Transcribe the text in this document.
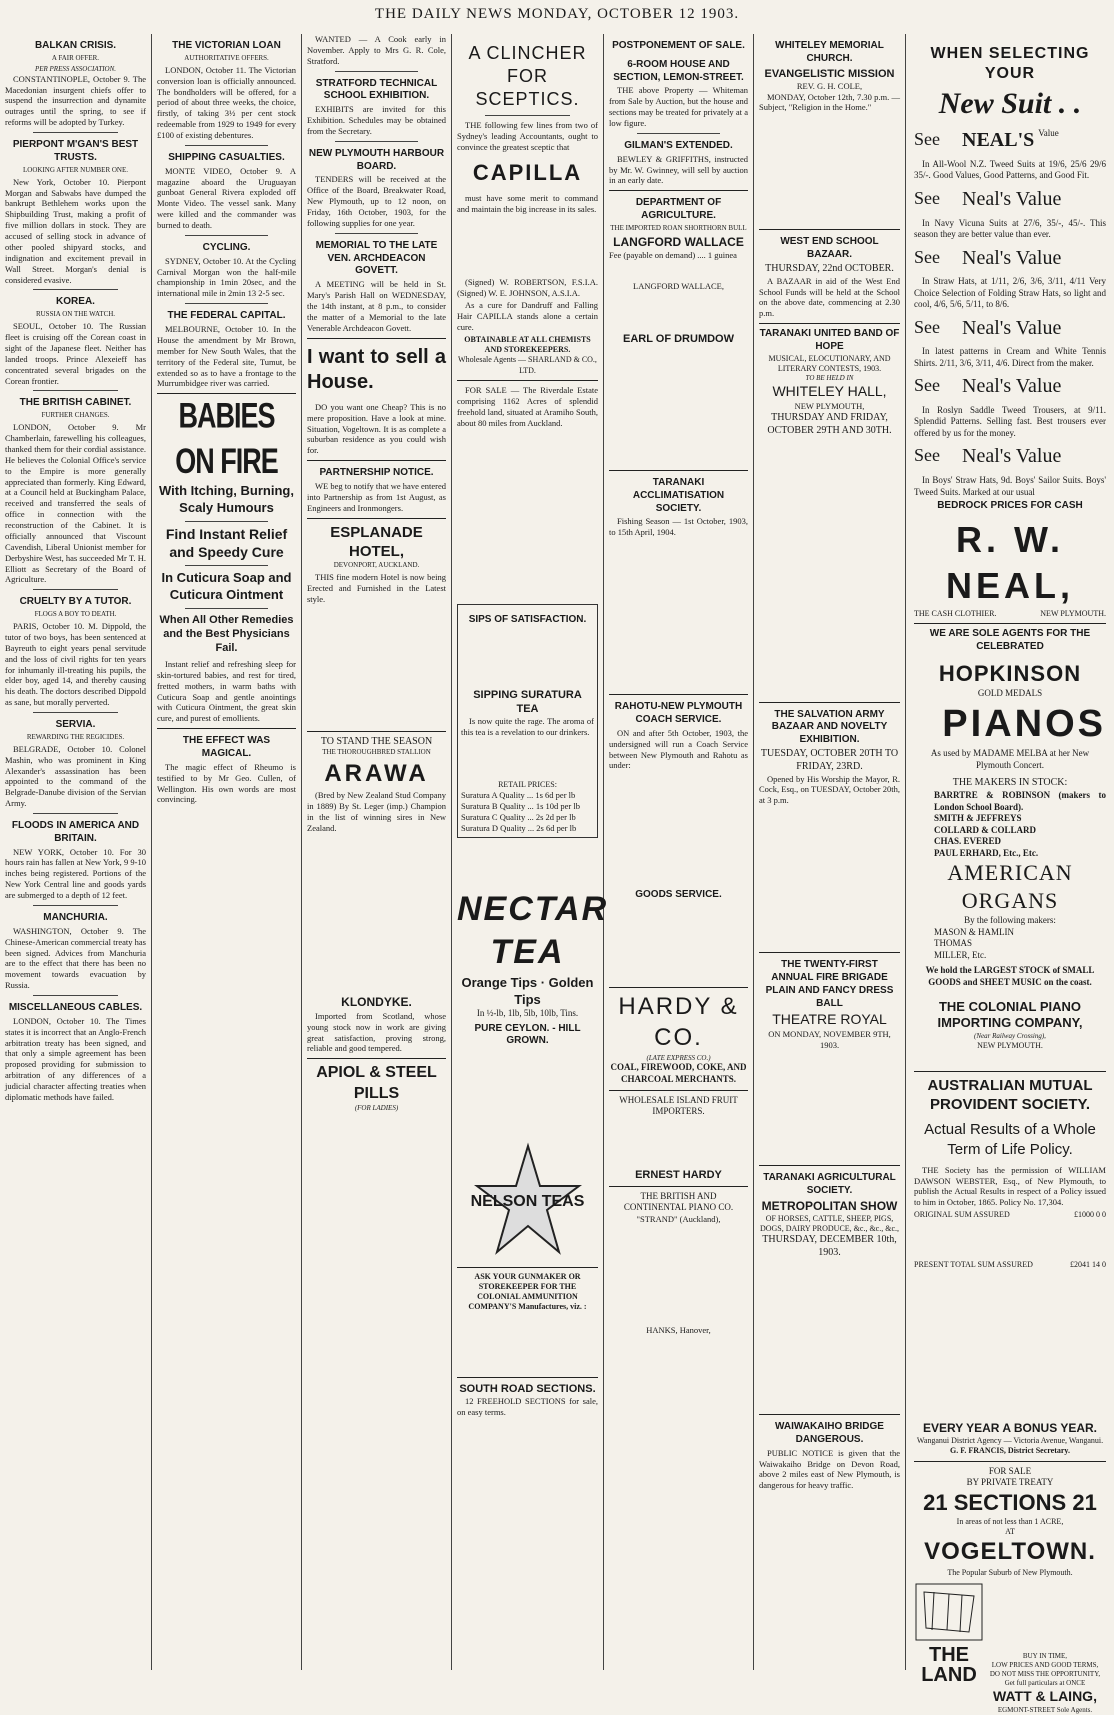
THE DAILY NEWS MONDAY, OCTOBER 12 1903.
BALKAN CRISIS.
A FAIR OFFER.
PER PRESS ASSOCIATION.

CONSTANTINOPLE, October 9. The Macedonian insurgent chiefs offer to suspend the insurrection and dynamite outrages until the spring, to see if reforms will be adopted by Turkey.

PIERPONT M'GAN'S BEST TRUSTS.
LOOKING AFTER NUMBER ONE.

New York, October 10. Pierpont Morgan and Sabwabs have dumped the bankrupt Bethlehem works upon the Shipbuilding Trust, making a profit of five million dollars in stock. They are accused of selling stock in advance of other pooled shipyard stocks, and indignation and excitement prevail in Wall Street. Morgan's denial is considered evasive.

KOREA.
RUSSIA ON THE WATCH.

SEOUL, October 10. The Russian fleet is cruising off the Corean coast in sight of the Japanese fleet. Neither has landed troops. Prince Alexeieff has concentrated several brigades on the Corean frontier.

THE BRITISH CABINET.
FURTHER CHANGES.

LONDON, October 9. Mr Chamberlain, farewelling his colleagues, thanked them for their cordial assistance. He believes the Colonial Office's service to the Empire is more generally appreciated than formerly. King Edward, at a Council held at Buckingham Palace, received and transferred the seals of office in connection with the reconstruction of the Cabinet. It is officially announced that Viscount Cavendish, Liberal Unionist member for Derbyshire West, has succeeded Mr T. H. Elliott as Secretary of the Board of Agriculture.

CRUELTY BY A TUTOR.
FLOGS A BOY TO DEATH.

PARIS, October 10. M. Dippold, the tutor of two boys, has been sentenced at Bayreuth to eight years penal servitude and the loss of civil rights for ten years for inhumanly ill-treating his pupils, the elder boy, aged 14, and thereby causing his death. The doctors described Dippold as sane, but morally perverted.

SERVIA.
REWARDING THE REGICIDES.

BELGRADE, October 10. Colonel Mashin, who was prominent in King Alexander's assassination has been appointed to the command of the Belgrade-Danube division of the Servian Army.

FLOODS IN AMERICA AND BRITAIN.

NEW YORK, October 10. For 30 hours rain has fallen at New York, 9 9-10 inches being registered. Portions of the New York Central line and goods yards are submerged to a depth of 12 feet.

MANCHURIA.

WASHINGTON, October 9. The Chinese-American commercial treaty has been signed. Advices from Manchuria are to the effect that there has been no movement towards evacuation by Russia.

MISCELLANEOUS CABLES.

LONDON, October 10. The Times states it is incorrect that an Anglo-French arbitration treaty has been signed, and that only a simple agreement has been proposed providing for submission to arbitration of any differences of a judicial character affecting treaties when diplomatic methods have failed.

THE VICTORIAN LOAN
AUTHORITATIVE OFFERS.

LONDON, October 11. The Victorian conversion loan is officially announced. The bondholders will be offered, for a period of about three weeks, the choice, firstly, of taking 3½ per cent stock redeemable from 1929 to 1949 for every £100 of existing debentures.

SHIPPING CASUALTIES.

MONTE VIDEO, October 9. A magazine aboard the Uruguayan gunboat General Rivera exploded off Monte Video. The vessel sank. Many were killed and the commander was burned to death.

CYCLING.

SYDNEY, October 10. At the Cycling Carnival Morgan won the half-mile championship in 1min 20sec, and the international mile in 2min 13 2-5 sec.

THE FEDERAL CAPITAL.

MELBOURNE, October 10. In the House the amendment by Mr Brown, member for New South Wales, that the territory of the Federal site, Tumut, be extended so as to have a frontage to the Murrumbidgee river was carried.

BABIES ON FIRE
With Itching, Burning, Scaly Humours
Find Instant Relief and Speedy Cure
In Cuticura Soap and Cuticura Ointment
When All Other Remedies and the Best Physicians Fail.

Instant relief and refreshing sleep for skin-tortured babies, and rest for tired, fretted mothers, in warm baths with Cuticura Soap and gentle anointings with Cuticura Ointment, the great skin cure, and purest of emollients.

THE EFFECT WAS MAGICAL.

The magic effect of Rheumo is testified to by Mr Geo. Cullen, of Wellington. His own words are most convincing.

WANTED — A Cook early in November. Apply to Mrs G. R. Cole, Stratford.

STRATFORD TECHNICAL SCHOOL EXHIBITION.

EXHIBITS are invited for this Exhibition. Schedules may be obtained from the Secretary.

NEW PLYMOUTH HARBOUR BOARD.

TENDERS will be received at the Office of the Board, Breakwater Road, New Plymouth, up to 12 noon, on Friday, 16th October, 1903, for the following supplies for one year.

MEMORIAL TO THE LATE VEN. ARCHDEACON GOVETT.

A MEETING will be held in St. Mary's Parish Hall on WEDNESDAY, the 14th instant, at 8 p.m., to consider the matter of a Memorial to the late Venerable Archdeacon Govett.

I want to sell a House.

DO you want one Cheap? This is no mere proposition. Have a look at mine. Situation, Vogeltown. It is as complete a suburban residence as you could wish for.

PARTNERSHIP NOTICE.

WE beg to notify that we have entered into Partnership as from 1st August, as Engineers and Ironmongers.

ESPLANADE HOTEL,
DEVONPORT, AUCKLAND.

THIS fine modern Hotel is now being Erected and Furnished in the Latest style.

TO STAND THE SEASON
THE THOROUGHBRED STALLION
ARAWA

(Bred by New Zealand Stud Company in 1889) By St. Leger (imp.) Champion in the list of winning sires in New Zealand.

KLONDYKE.

Imported from Scotland, whose young stock now in work are giving great satisfaction, proving strong, reliable and good tempered.

APIOL & STEEL PILLS
(FOR LADIES)
A CLINCHER FOR SCEPTICS.

THE following few lines from two of Sydney's leading Accountants, ought to convince the greatest sceptic that

CAPILLA

must have some merit to command and maintain the big increase in its sales.

(Signed) W. ROBERTSON, F.S.I.A. (Signed) W. E. JOHNSON, A.S.I.A.

As a cure for Dandruff and Falling Hair CAPILLA stands alone a certain cure.

OBTAINABLE AT ALL CHEMISTS AND STOREKEEPERS.
Wholesale Agents — SHARLAND & CO., LTD.

FOR SALE — The Riverdale Estate comprising 1162 Acres of splendid freehold land, situated at Aramiho South, about 80 miles from Auckland.

SIPS OF SATISFACTION.
SIPPING SURATURA TEA

Is now quite the rage. The aroma of this tea is a revelation to our drinkers.

RETAIL PRICES:
Suratura A Quality ... 1s 6d per lb
Suratura B Quality ... 1s 10d per lb
Suratura C Quality ... 2s 2d per lb
Suratura D Quality ... 2s 6d per lb
NECTAR TEA
Orange Tips · Golden Tips
In ½-lb, 1lb, 5lb, 10lb, Tins.
PURE CEYLON. - HILL GROWN.
NELSON TEAS
ASK YOUR GUNMAKER OR STOREKEEPER FOR THE COLONIAL AMMUNITION COMPANY'S Manufactures, viz. :
SOUTH ROAD SECTIONS.

12 FREEHOLD SECTIONS for sale, on easy terms.

POSTPONEMENT OF SALE.
6-ROOM HOUSE AND SECTION, LEMON-STREET.

THE above Property — Whiteman from Sale by Auction, but the house and sections may be treated for privately at a low figure.

GILMAN'S EXTENDED.

BEWLEY & GRIFFITHS, instructed by Mr. W. Gwinney, will sell by auction in an early date.

DEPARTMENT OF AGRICULTURE.
THE IMPORTED ROAN SHORTHORN BULL
LANGFORD WALLACE
Fee (payable on demand) .... 1 guinea
LANGFORD WALLACE,
EARL OF DRUMDOW
TARANAKI ACCLIMATISATION SOCIETY.

Fishing Season — 1st October, 1903, to 15th April, 1904.

RAHOTU-NEW PLYMOUTH COACH SERVICE.

ON and after 5th October, 1903, the undersigned will run a Coach Service between New Plymouth and Rahotu as under:

GOODS SERVICE.
HARDY & CO.
(LATE EXPRESS CO.)
COAL, FIREWOOD, COKE, AND CHARCOAL MERCHANTS.
WHOLESALE ISLAND FRUIT IMPORTERS.
ERNEST HARDY
THE BRITISH AND CONTINENTAL PIANO CO.
"STRAND" (Auckland),
HANKS, Hanover,
WHITELEY MEMORIAL CHURCH.
EVANGELISTIC MISSION
REV. G. H. COLE,

MONDAY, October 12th, 7.30 p.m. — Subject, "Religion in the Home."

WEST END SCHOOL BAZAAR.
THURSDAY, 22nd OCTOBER.

A BAZAAR in aid of the West End School Funds will be held at the School on the above date, commencing at 2.30 p.m.

TARANAKI UNITED BAND OF HOPE
MUSICAL, ELOCUTIONARY, AND LITERARY CONTESTS, 1903.
TO BE HELD IN
WHITELEY HALL,
NEW PLYMOUTH,
THURSDAY AND FRIDAY, OCTOBER 29TH AND 30TH.
THE SALVATION ARMY BAZAAR AND NOVELTY EXHIBITION.
TUESDAY, OCTOBER 20TH TO FRIDAY, 23RD.

Opened by His Worship the Mayor, R. Cock, Esq., on TUESDAY, October 20th, at 3 p.m.

THE TWENTY-FIRST ANNUAL FIRE BRIGADE PLAIN AND FANCY DRESS BALL
THEATRE ROYAL
ON MONDAY, NOVEMBER 9TH, 1903.
TARANAKI AGRICULTURAL SOCIETY.
METROPOLITAN SHOW
OF HORSES, CATTLE, SHEEP, PIGS, DOGS, DAIRY PRODUCE, &c., &c., &c.,
THURSDAY, DECEMBER 10th, 1903.
WAIWAKAIHO BRIDGE DANGEROUS.

PUBLIC NOTICE is given that the Waiwakaiho Bridge on Devon Road, above 2 miles east of New Plymouth, is dangerous for heavy traffic.

WHEN SELECTING YOUR
New Suit . .
See	NEAL'S Value

In All-Wool N.Z. Tweed Suits at 19/6, 25/6 29/6 35/-. Good Values, Good Patterns, and Good Fit.

See	Neal's Value

In Navy Vicuna Suits at 27/6, 35/-, 45/-. This season they are better value than ever.

See	Neal's Value

In Straw Hats, at 1/11, 2/6, 3/6, 3/11, 4/11 Very Choice Selection of Folding Straw Hats, so light and cool, 4/6, 5/6, 5/11, to 8/6.

See	Neal's Value

In latest patterns in Cream and White Tennis Shirts. 2/11, 3/6, 3/11, 4/6. Direct from the maker.

See	Neal's Value

In Roslyn Saddle Tweed Trousers, at 9/11. Splendid Patterns. Selling fast. Best trousers ever offered by us for the money.

See	Neal's Value

In Boys' Straw Hats, 9d. Boys' Sailor Suits. Boys' Tweed Suits. Marked at our usual

BEDROCK PRICES FOR CASH
R. W. NEAL,
THE CASH CLOTHIER.	NEW PLYMOUTH.
WE ARE SOLE AGENTS FOR THE CELEBRATED
HOPKINSON
GOLD MEDALS
PIANOS
As used by MADAME MELBA at her New Plymouth Concert.
THE MAKERS IN STOCK:
BARRTRE & ROBINSON (makers to London School Board).
SMITH & JEFFREYS
COLLARD & COLLARD
CHAS. EVERED
PAUL ERHARD, Etc., Etc.
AMERICAN ORGANS
By the following makers:
MASON & HAMLIN
THOMAS
MILLER, Etc.
We hold the LARGEST STOCK of SMALL GOODS and SHEET MUSIC on the coast.
THE COLONIAL PIANO IMPORTING COMPANY,
(Near Railway Crossing),
NEW PLYMOUTH.
AUSTRALIAN MUTUAL PROVIDENT SOCIETY.
Actual Results of a Whole Term of Life Policy.

THE Society has the permission of WILLIAM DAWSON WEBSTER, Esq., of New Plymouth, to publish the Actual Results in respect of a Policy issued to him in October, 1865. Policy No. 17,304.

ORIGINAL SUM ASSURED	£1000 0 0
PRESENT TOTAL SUM ASSURED	£2041 14 0
EVERY YEAR A BONUS YEAR.
Wanganui District Agency — Victoria Avenue, Wanganui.
G. F. FRANCIS, District Secretary.
FOR SALE
BY PRIVATE TREATY
21 SECTIONS 21
In areas of not less than 1 ACRE,
AT
VOGELTOWN.
The Popular Suburb of New Plymouth.
THE LAND
BUY IN TIME,
LOW PRICES AND GOOD TERMS,
DO NOT MISS THE OPPORTUNITY,
Get full particulars at ONCE
WATT & LAING,
EGMONT-STREET Sole Agents.
